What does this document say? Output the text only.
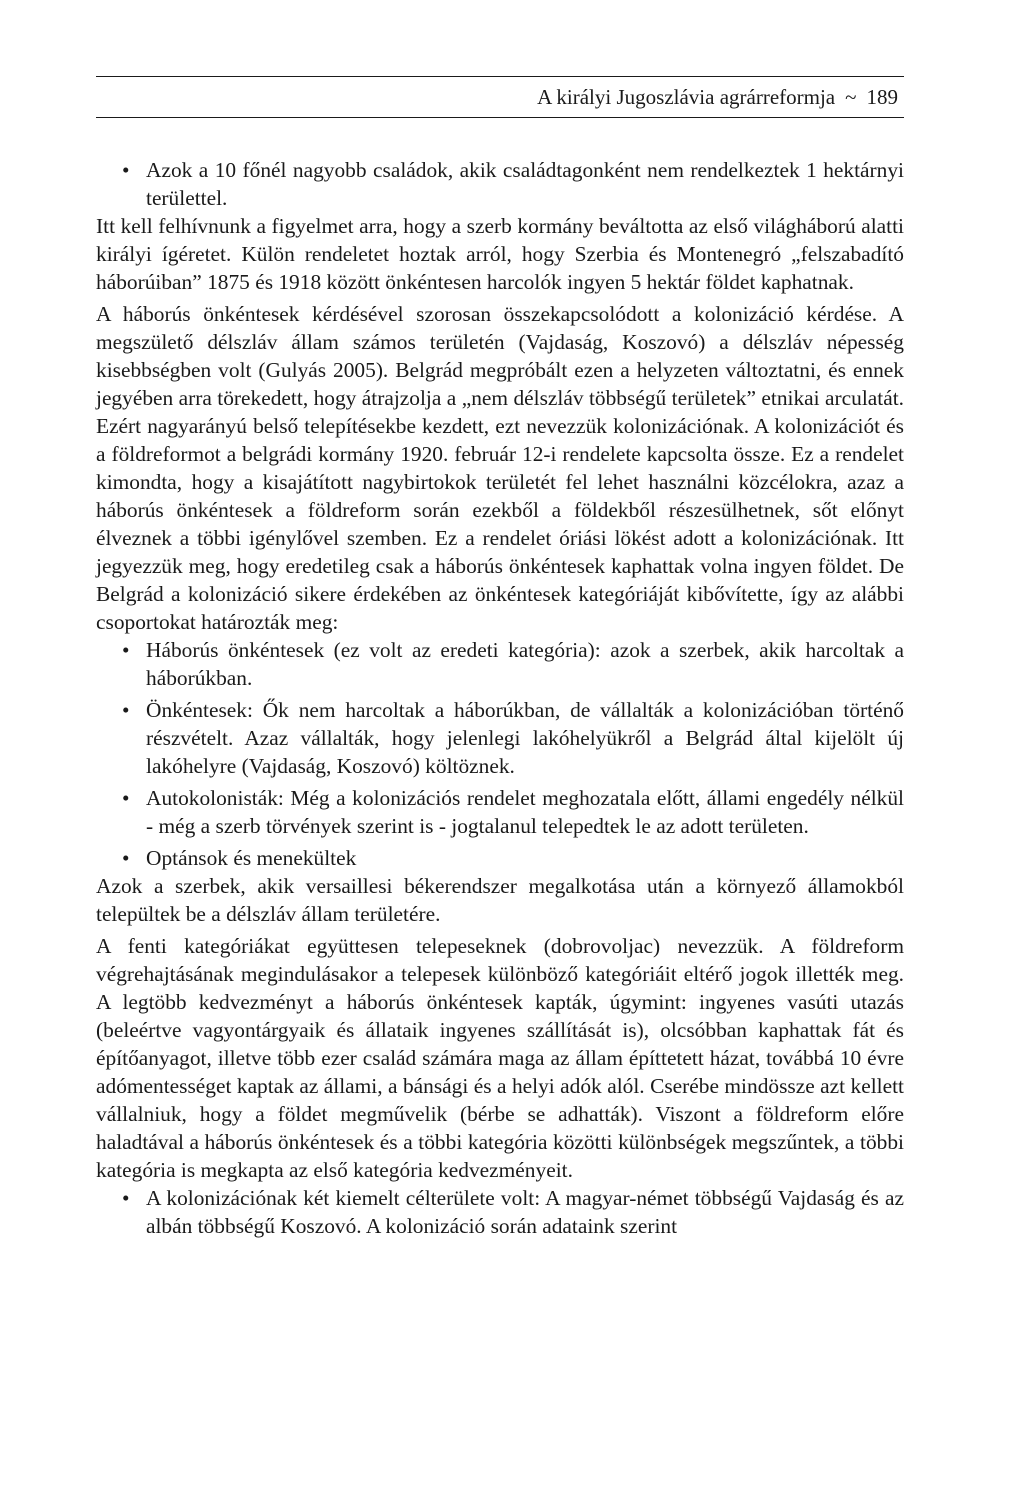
A királyi Jugoszlávia agrárreformja ~ 189

• Azok a 10 főnél nagyobb családok, akik családtagonként nem rendelkeztek 1 hektárnyi területtel.

Itt kell felhívnunk a figyelmet arra, hogy a szerb kormány beváltotta az első világháború alatti királyi ígéretet. Külön rendeletet hoztak arról, hogy Szerbia és Montenegró „felszabadító háborúiban” 1875 és 1918 között önkéntesen harcolók ingyen 5 hektár földet kaphatnak.

A háborús önkéntesek kérdésével szorosan összekapcsolódott a kolonizáció kérdése. A megszülető délszláv állam számos területén (Vajdaság, Koszovó) a délszláv népesség kisebbségben volt (Gulyás 2005). Belgrád megpróbált ezen a helyzeten változtatni, és ennek jegyében arra törekedett, hogy átrajzolja a „nem délszláv többségű területek” etnikai arculatát. Ezért nagyarányú belső telepítésekbe kezdett, ezt nevezzük kolonizációnak. A kolonizációt és a földreformot a belgrádi kormány 1920. február 12-i rendelete kapcsolta össze. Ez a rendelet kimondta, hogy a kisajátított nagybirtokok területét fel lehet használni közcélokra, azaz a háborús önkéntesek a földreform során ezekből a földekből részesülhetnek, sőt előnyt élveznek a többi igénylővel szemben. Ez a rendelet óriási lökést adott a kolonizációnak. Itt jegyezzük meg, hogy eredetileg csak a háborús önkéntesek kaphattak volna ingyen földet. De Belgrád a kolonizáció sikere érdekében az önkéntesek kategóriáját kibővítette, így az alábbi csoportokat határozták meg:

• Háborús önkéntesek (ez volt az eredeti kategória): azok a szerbek, akik harcoltak a háborúkban.

• Önkéntesek: Ők nem harcoltak a háborúkban, de vállalták a kolonizációban történő részvételt. Azaz vállalták, hogy jelenlegi lakóhelyükről a Belgrád által kijelölt új lakóhelyre (Vajdaság, Koszovó) költöznek.

• Autokolonisták: Még a kolonizációs rendelet meghozatala előtt, állami engedély nélkül - még a szerb törvények szerint is - jogtalanul telepedtek le az adott területen.

• Optánsok és menekültek

Azok a szerbek, akik versaillesi békerendszer megalkotása után a környező államokból települtek be a délszláv állam területére.

A fenti kategóriákat együttesen telepeseknek (dobrovoljac) nevezzük. A földreform végrehajtásának megindulásakor a telepesek különböző kategóriáit eltérő jogok illették meg. A legtöbb kedvezményt a háborús önkéntesek kapták, úgymint: ingyenes vasúti utazás (beleértve vagyontárgyaik és állataik ingyenes szállítását is), olcsóbban kaphattak fát és építőanyagot, illetve több ezer család számára maga az állam építtetett házat, továbbá 10 évre adómentességet kaptak az állami, a bánsági és a helyi adók alól. Cserébe mindössze azt kellett vállalniuk, hogy a földet megművelik (bérbe se adhatták). Viszont a földreform előre haladtával a háborús önkéntesek és a többi kategória közötti különbségek megszűntek, a többi kategória is megkapta az első kategória kedvezményeit.

• A kolonizációnak két kiemelt célterülete volt: A magyar-német többségű Vajdaság és az albán többségű Koszovó. A kolonizáció során adataink szerint
